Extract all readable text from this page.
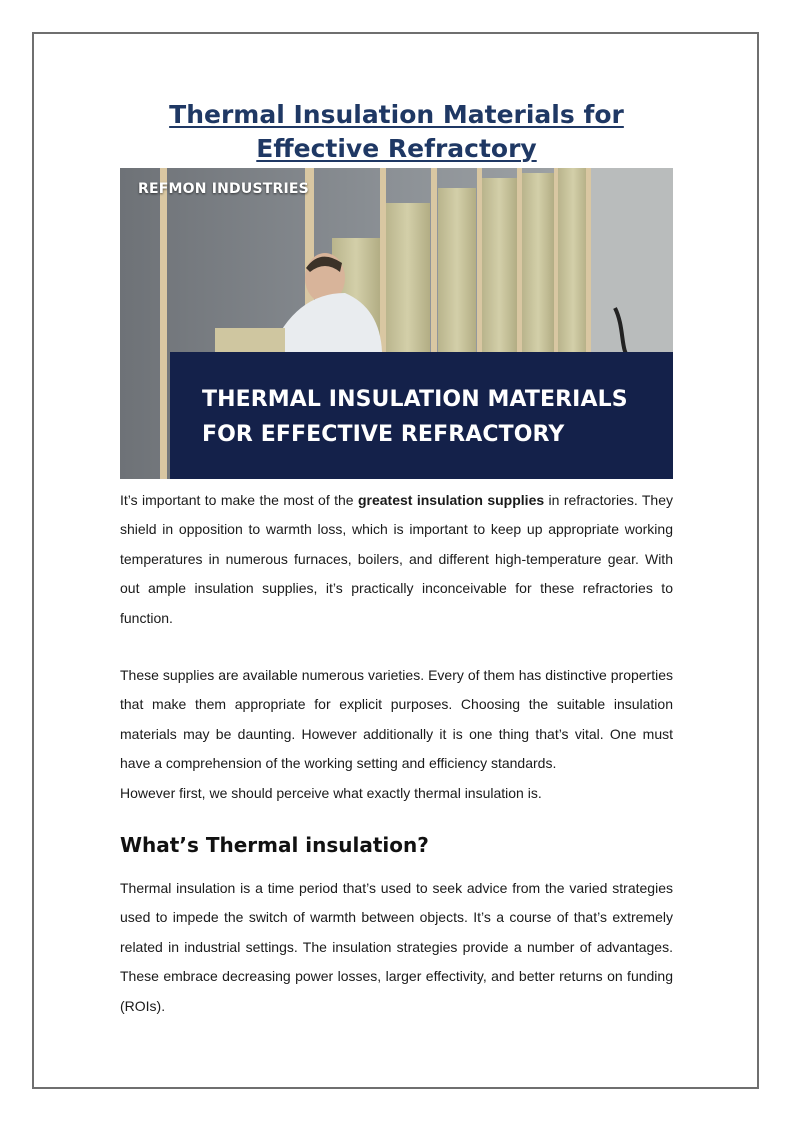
Thermal Insulation Materials for Effective Refractory
REFMON INDUSTRIES
THERMAL INSULATION MATERIALS
FOR EFFECTIVE REFRACTORY

It’s important to make the most of the greatest insulation supplies in refractories. They shield in opposition to warmth loss, which is important to keep up appropriate working temperatures in numerous furnaces, boilers, and different high-temperature gear. With out ample insulation supplies, it’s practically inconceivable for these refractories to function.

These supplies are available numerous varieties. Every of them has distinctive properties that make them appropriate for explicit purposes. Choosing the suitable insulation materials may be daunting. However additionally it is one thing that’s vital. One must have a comprehension of the working setting and efficiency standards.
However first, we should perceive what exactly thermal insulation is.

What’s Thermal insulation?

Thermal insulation is a time period that’s used to seek advice from the varied strategies used to impede the switch of warmth between objects. It’s a course of that’s extremely related in industrial settings. The insulation strategies provide a number of advantages. These embrace decreasing power losses, larger effectivity, and better returns on funding (ROIs).
